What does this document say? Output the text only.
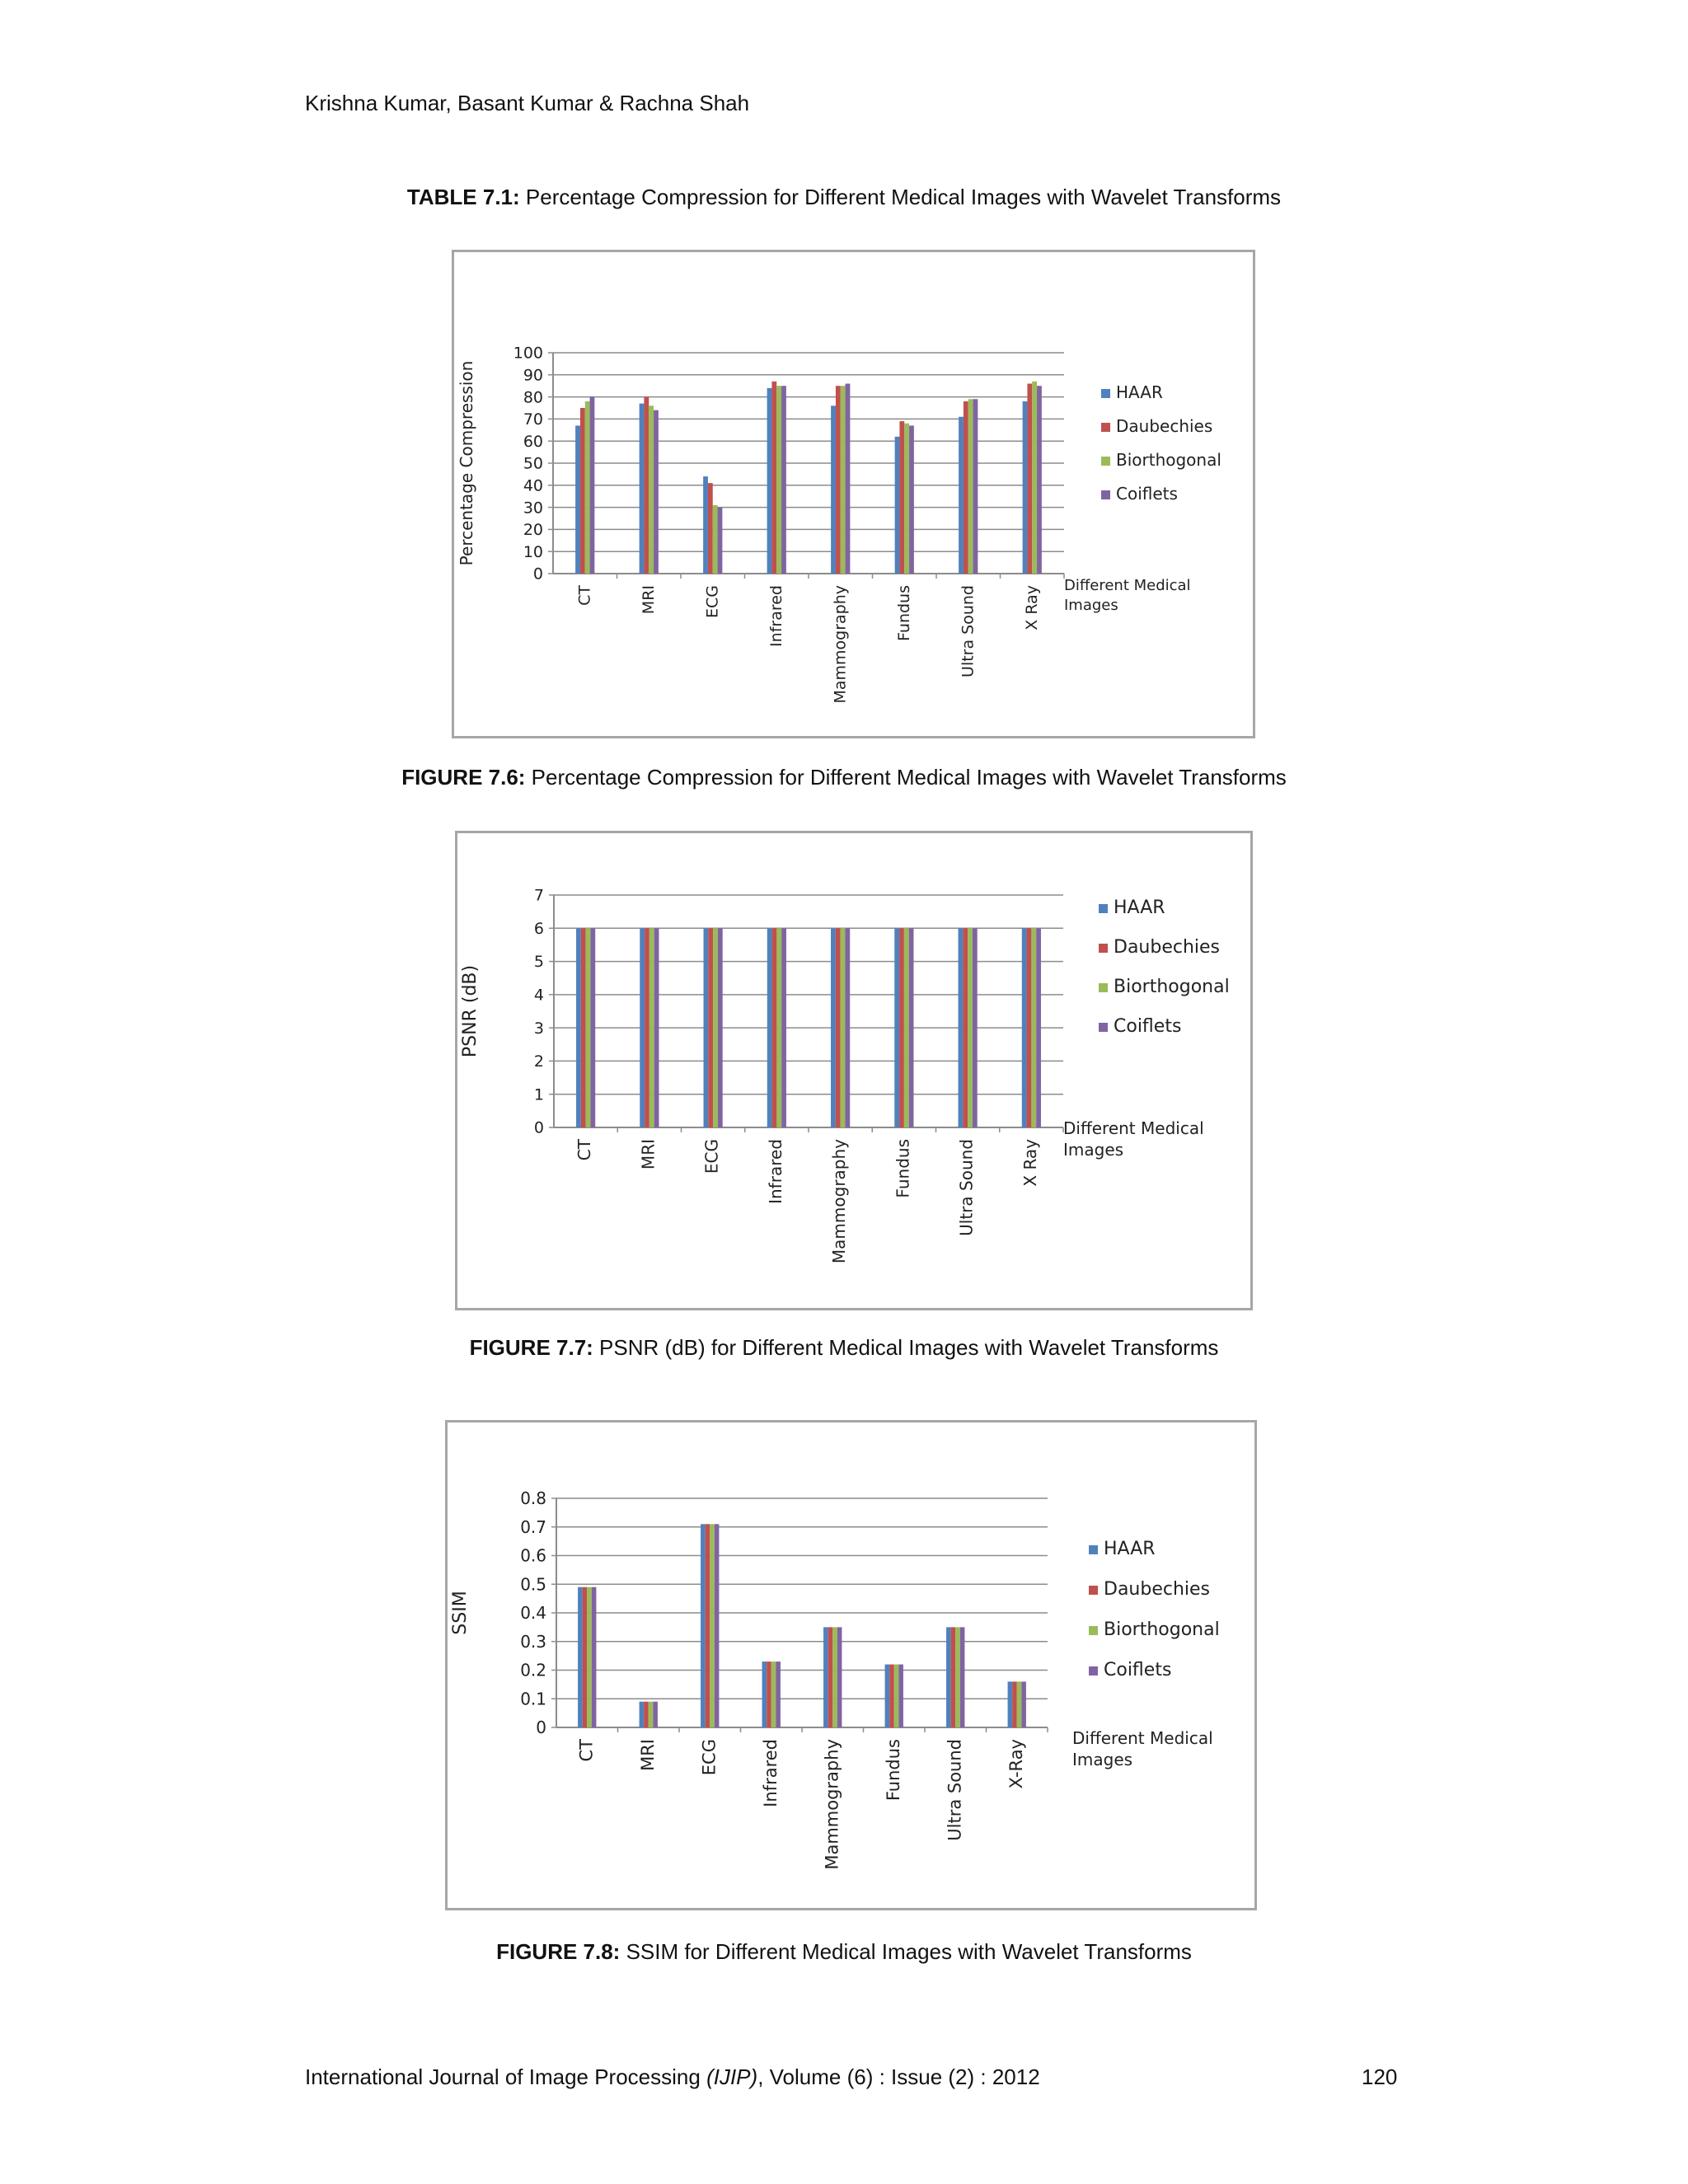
Krishna Kumar, Basant Kumar & Rachna Shah
TABLE 7.1: Percentage Compression for Different Medical Images with Wavelet Transforms
0
10
20
30
40
50
60
70
80
90
100
Percentage Compression
CT	MRI	ECG	Infrared	Mammography	Fundus	Ultra Sound	X Ray Different Medical Images
HAAR
Daubechies
Biorthogonal
Coiflets
FIGURE 7.6: Percentage Compression for Different Medical Images with Wavelet Transforms
0
1
2
3
4
5
6
7
PSNR (dB)
CT	MRI	ECG	Infrared	Mammography	Fundus	Ultra Sound	X Ray
Different Medical Images
HAAR
Daubechies
Biorthogonal
Coiflets
FIGURE 7.7: PSNR (dB) for Different Medical Images with Wavelet Transforms
0
0.1
0.2
0.3
0.4
0.5
0.6
0.7
0.8
SSIM
CT MRI ECG Infrared Mammography Fundus Ultra Sound X-Ray
Different Medical Images
HAAR
Daubechies
Biorthogonal
Coiflets
FIGURE 7.8: SSIM for Different Medical Images with Wavelet Transforms
International Journal of Image Processing (IJIP), Volume (6) : Issue (2) : 2012	120
